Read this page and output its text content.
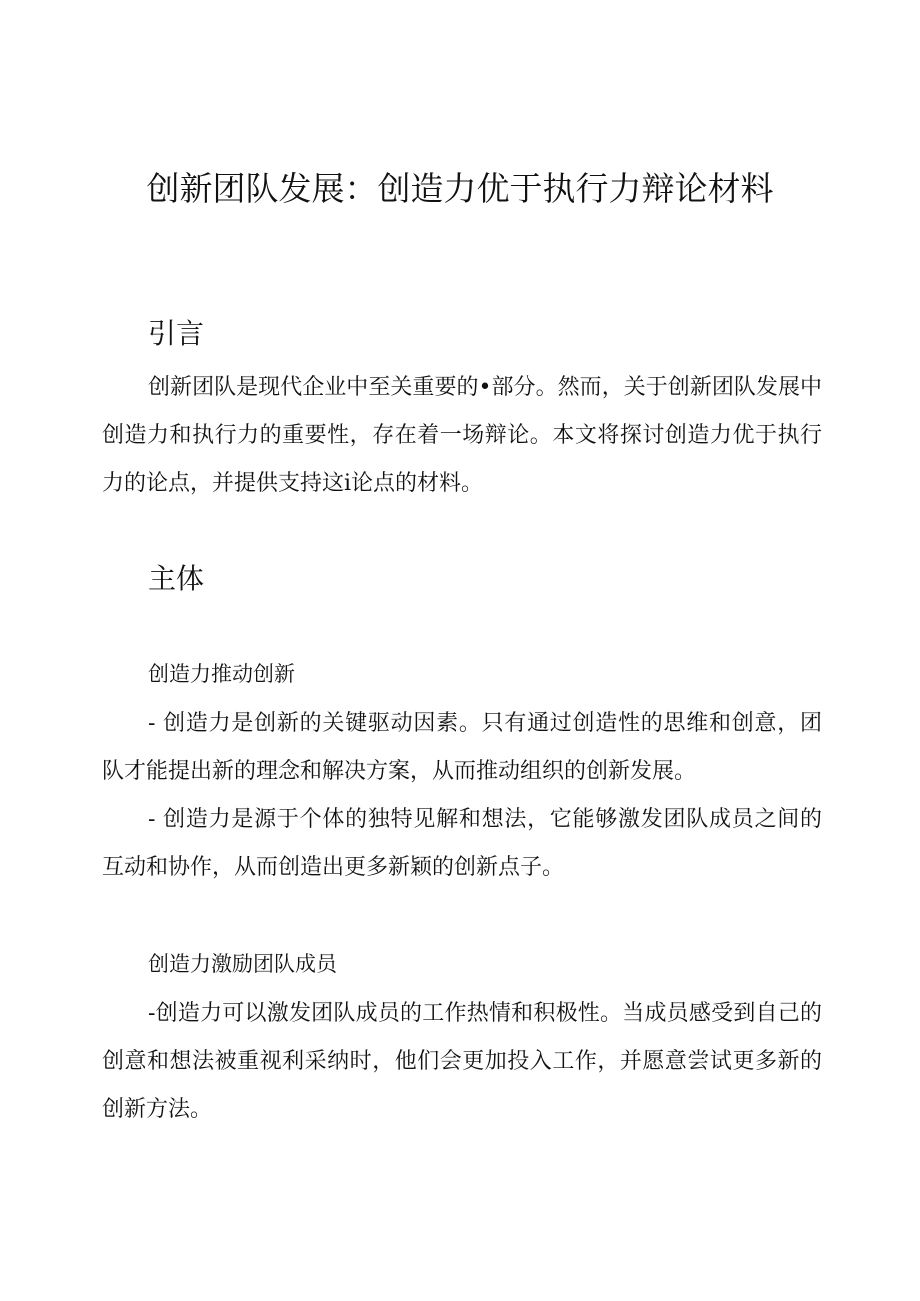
创新团队发展：创造力优于执行力辩论材料
引言

创新团队是现代企业中至关重要的•部分。然而，关于创新团队发展中创造力和执行力的重要性，存在着一场辩论。本文将探讨创造力优于执行力的论点，并提供支持这i论点的材料。

主体
创造力推动创新

- 创造力是创新的关键驱动因素。只有通过创造性的思维和创意，团队才能提出新的理念和解决方案，从而推动组织的创新发展。

- 创造力是源于个体的独特见解和想法，它能够激发团队成员之间的互动和协作，从而创造出更多新颖的创新点子。

创造力激励团队成员

-创造力可以激发团队成员的工作热情和积极性。当成员感受到自己的创意和想法被重视利采纳时，他们会更加投入工作，并愿意尝试更多新的创新方法。
